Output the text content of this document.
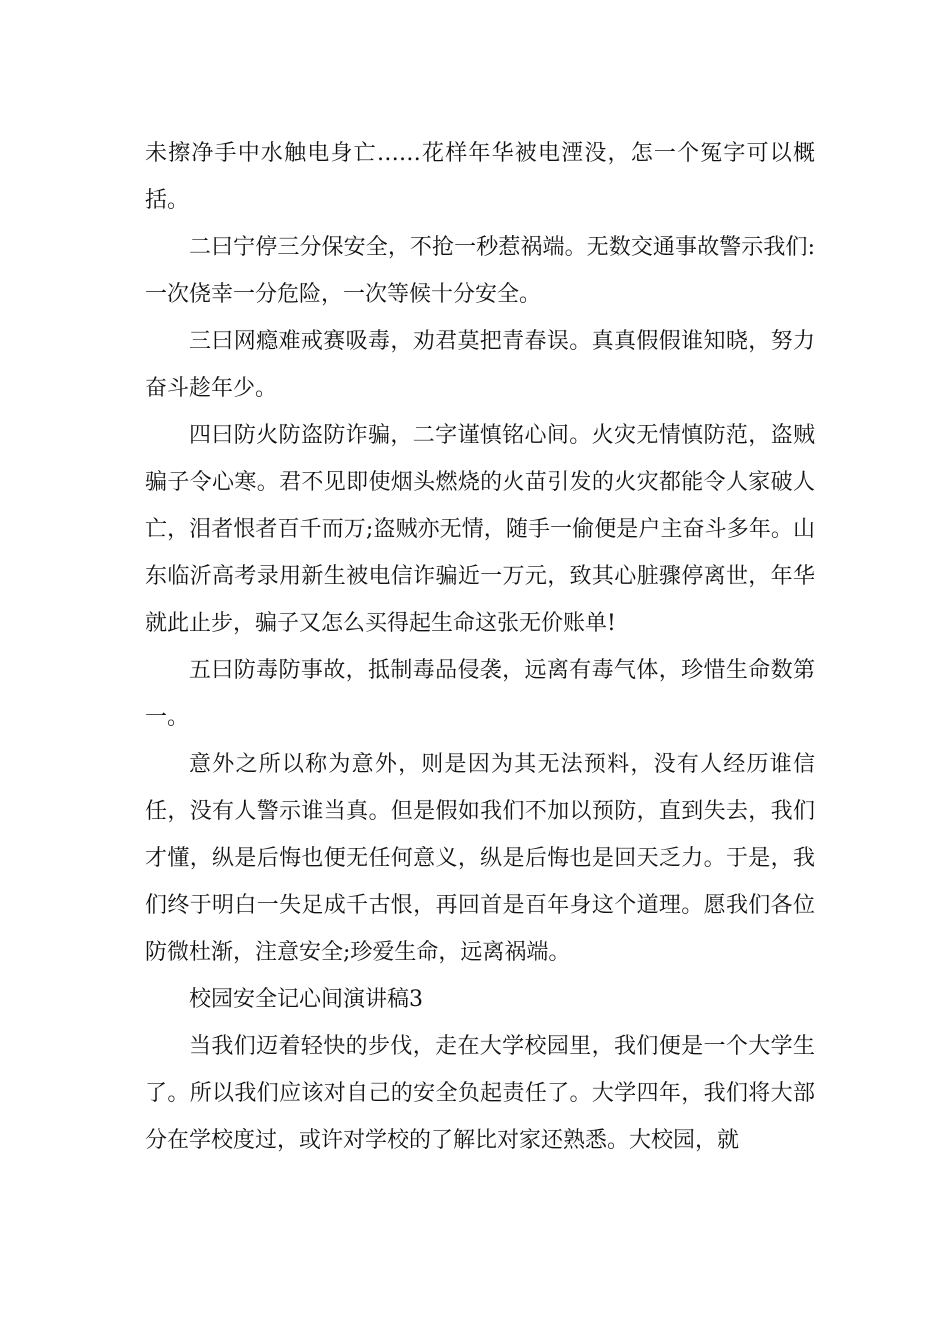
未擦净手中水触电身亡……花样年华被电湮没，怎一个冤字可以概括。

二曰宁停三分保安全，不抢一秒惹祸端。无数交通事故警示我们:一次侥幸一分危险，一次等候十分安全。

三曰网瘾难戒赛吸毒，劝君莫把青春误。真真假假谁知晓，努力奋斗趁年少。

四曰防火防盗防诈骗，二字谨慎铭心间。火灾无情慎防范，盗贼骗子令心寒。君不见即使烟头燃烧的火苗引发的火灾都能令人家破人亡，泪者恨者百千而万;盗贼亦无情，随手一偷便是户主奋斗多年。山东临沂高考录用新生被电信诈骗近一万元，致其心脏骤停离世，年华就此止步，骗子又怎么买得起生命这张无价账单!

五曰防毒防事故，抵制毒品侵袭，远离有毒气体，珍惜生命数第一。

意外之所以称为意外，则是因为其无法预料，没有人经历谁信任，没有人警示谁当真。但是假如我们不加以预防，直到失去，我们才懂，纵是后悔也便无任何意义，纵是后悔也是回天乏力。于是，我们终于明白一失足成千古恨，再回首是百年身这个道理。愿我们各位防微杜渐，注意安全;珍爱生命，远离祸端。

校园安全记心间演讲稿3

当我们迈着轻快的步伐，走在大学校园里，我们便是一个大学生了。所以我们应该对自己的安全负起责任了。大学四年，我们将大部分在学校度过，或许对学校的了解比对家还熟悉。大校园，就
